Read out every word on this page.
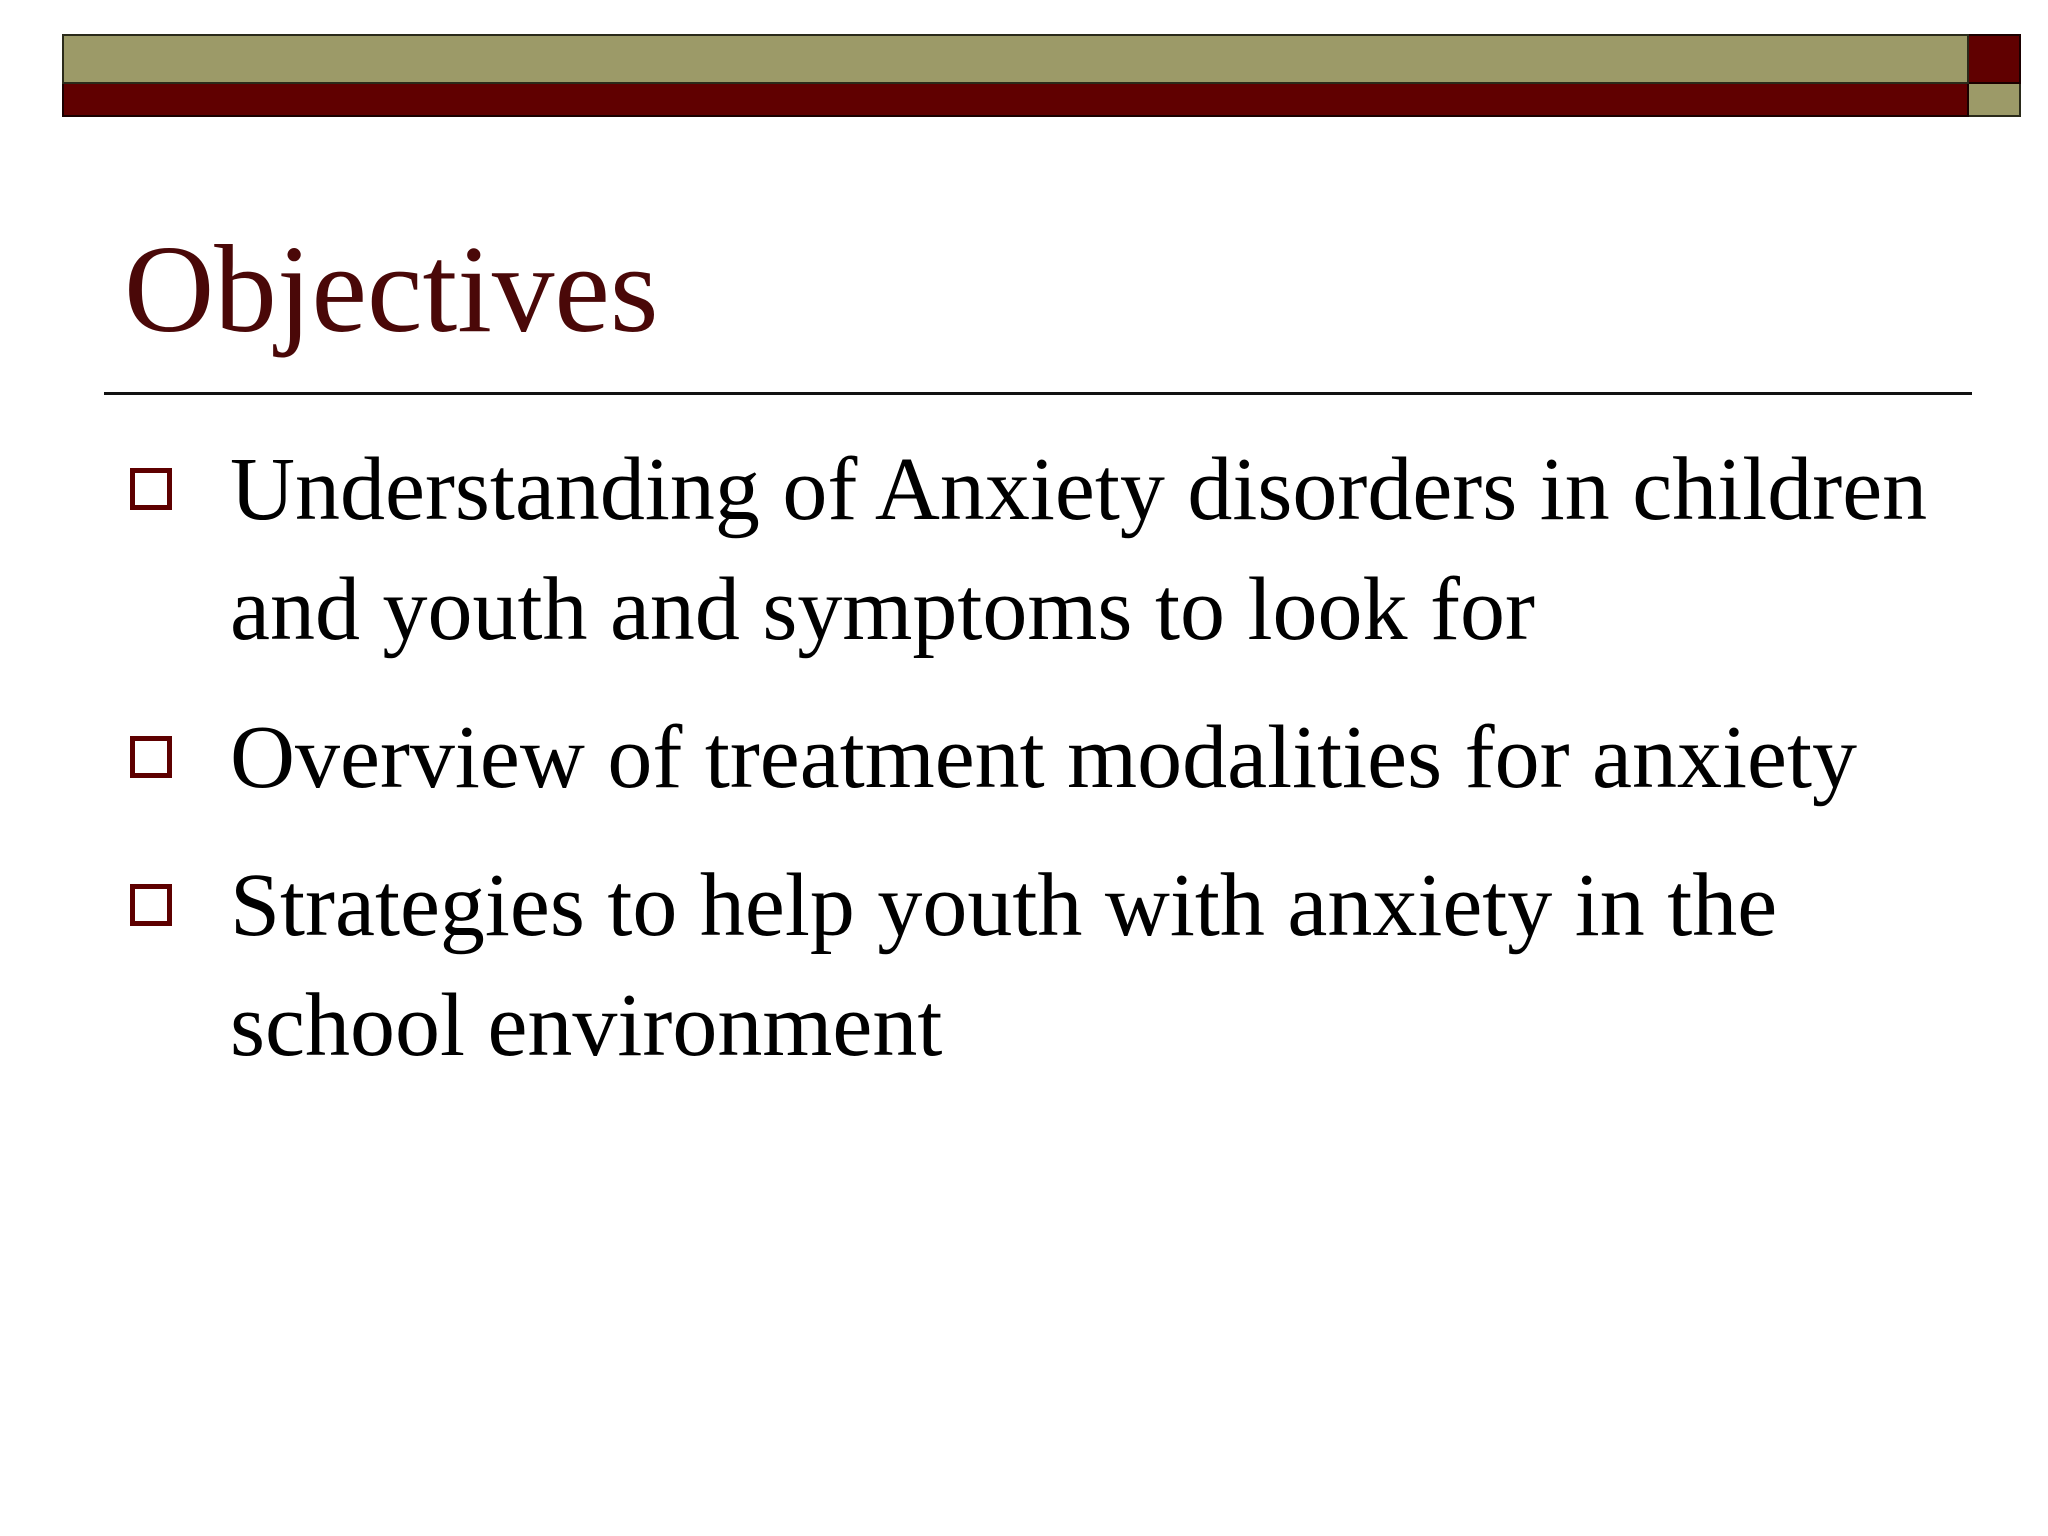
Objectives
Understanding of Anxiety disorders in children and youth and symptoms to look for
Overview of treatment modalities for anxiety
Strategies to help youth with anxiety in the school environment
